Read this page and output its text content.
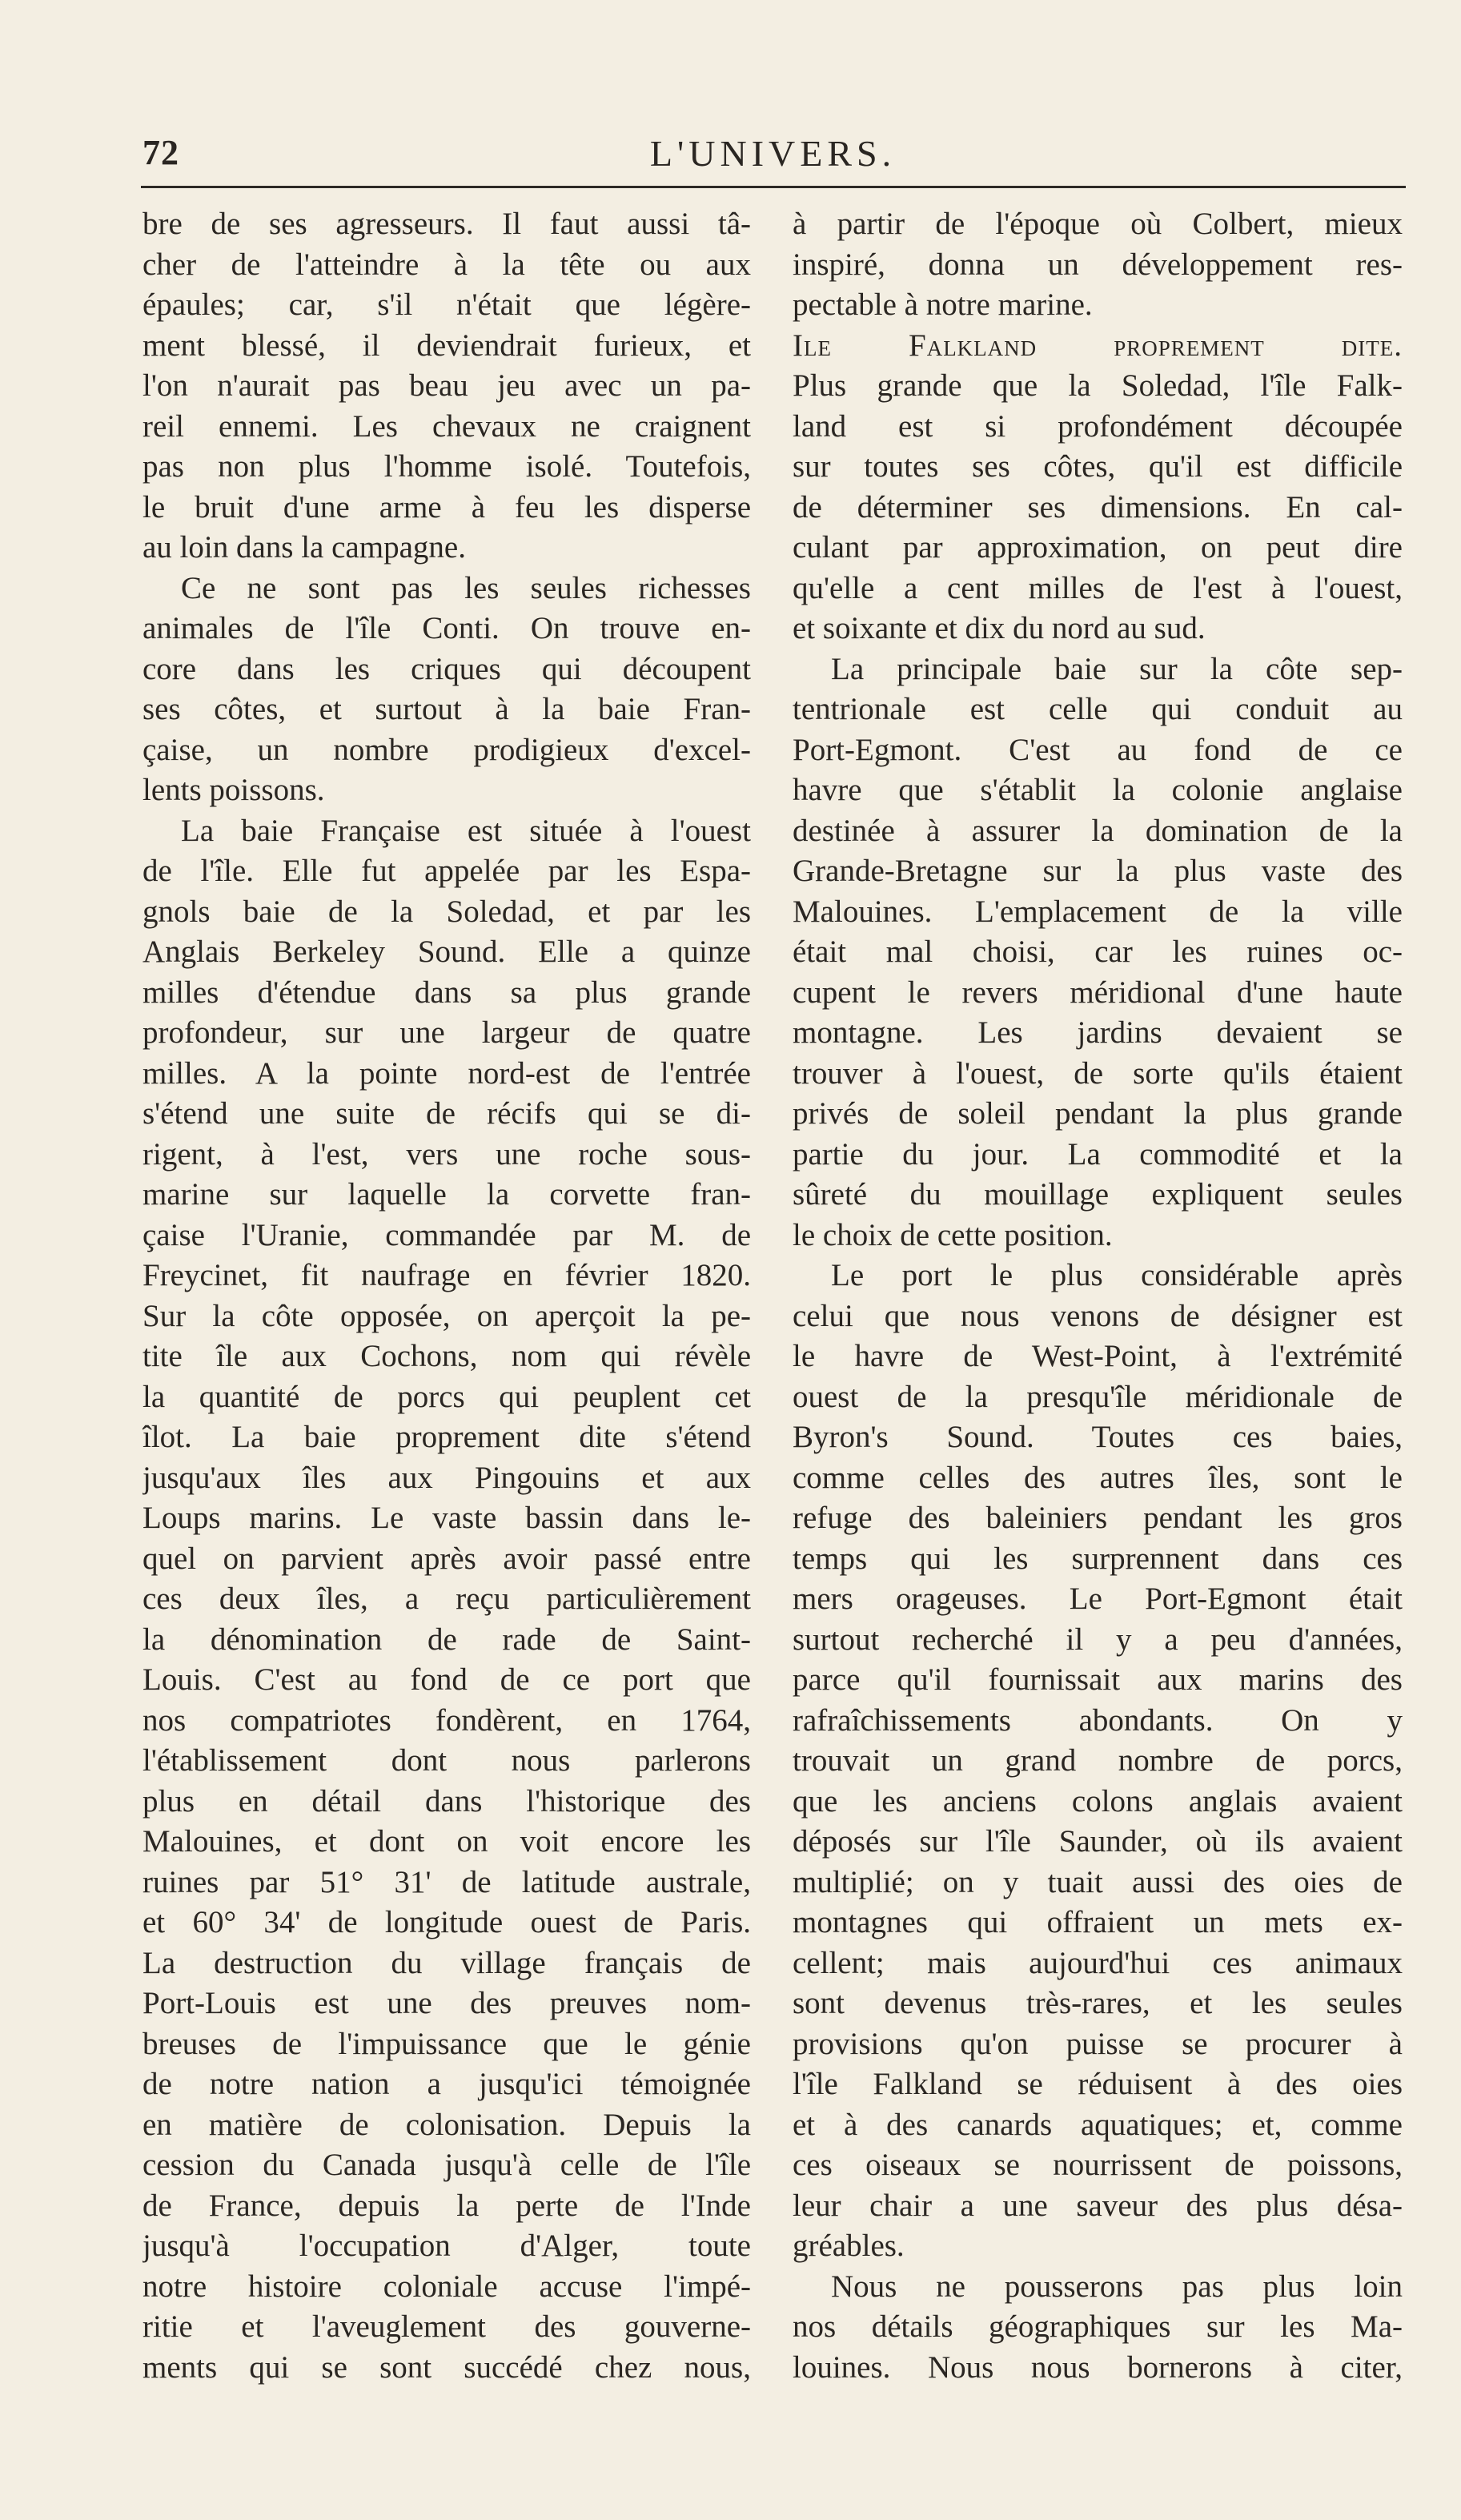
72	L'UNIVERS.
bre de ses agresseurs. Il faut aussi tâ-
cher de l'atteindre à la tête ou aux
épaules; car, s'il n'était que légère-
ment blessé, il deviendrait furieux, et
l'on n'aurait pas beau jeu avec un pa-
reil ennemi. Les chevaux ne craignent
pas non plus l'homme isolé. Toutefois,
le bruit d'une arme à feu les disperse
au loin dans la campagne.
Ce ne sont pas les seules richesses
animales de l'île Conti. On trouve en-
core dans les criques qui découpent
ses côtes, et surtout à la baie Fran-
çaise, un nombre prodigieux d'excel-
lents poissons.
La baie Française est située à l'ouest
de l'île. Elle fut appelée par les Espa-
gnols baie de la Soledad, et par les
Anglais Berkeley Sound. Elle a quinze
milles d'étendue dans sa plus grande
profondeur, sur une largeur de quatre
milles. A la pointe nord-est de l'entrée
s'étend une suite de récifs qui se di-
rigent, à l'est, vers une roche sous-
marine sur laquelle la corvette fran-
çaise l'Uranie, commandée par M. de
Freycinet, fit naufrage en février 1820.
Sur la côte opposée, on aperçoit la pe-
tite île aux Cochons, nom qui révèle
la quantité de porcs qui peuplent cet
îlot. La baie proprement dite s'étend
jusqu'aux îles aux Pingouins et aux
Loups marins. Le vaste bassin dans le-
quel on parvient après avoir passé entre
ces deux îles, a reçu particulièrement
la dénomination de rade de Saint-
Louis. C'est au fond de ce port que
nos compatriotes fondèrent, en 1764,
l'établissement dont nous parlerons
plus en détail dans l'historique des
Malouines, et dont on voit encore les
ruines par 51° 31' de latitude australe,
et 60° 34' de longitude ouest de Paris.
La destruction du village français de
Port-Louis est une des preuves nom-
breuses de l'impuissance que le génie
de notre nation a jusqu'ici témoignée
en matière de colonisation. Depuis la
cession du Canada jusqu'à celle de l'île
de France, depuis la perte de l'Inde
jusqu'à l'occupation d'Alger, toute
notre histoire coloniale accuse l'impé-
ritie et l'aveuglement des gouverne-
ments qui se sont succédé chez nous,
à partir de l'époque où Colbert, mieux
inspiré, donna un développement res-
pectable à notre marine.
Ile Falkland proprement dite.
Plus grande que la Soledad, l'île Falk-
land est si profondément découpée
sur toutes ses côtes, qu'il est difficile
de déterminer ses dimensions. En cal-
culant par approximation, on peut dire
qu'elle a cent milles de l'est à l'ouest,
et soixante et dix du nord au sud.
La principale baie sur la côte sep-
tentrionale est celle qui conduit au
Port-Egmont. C'est au fond de ce
havre que s'établit la colonie anglaise
destinée à assurer la domination de la
Grande-Bretagne sur la plus vaste des
Malouines. L'emplacement de la ville
était mal choisi, car les ruines oc-
cupent le revers méridional d'une haute
montagne. Les jardins devaient se
trouver à l'ouest, de sorte qu'ils étaient
privés de soleil pendant la plus grande
partie du jour. La commodité et la
sûreté du mouillage expliquent seules
le choix de cette position.
Le port le plus considérable après
celui que nous venons de désigner est
le havre de West-Point, à l'extrémité
ouest de la presqu'île méridionale de
Byron's Sound. Toutes ces baies,
comme celles des autres îles, sont le
refuge des baleiniers pendant les gros
temps qui les surprennent dans ces
mers orageuses. Le Port-Egmont était
surtout recherché il y a peu d'années,
parce qu'il fournissait aux marins des
rafraîchissements abondants. On y
trouvait un grand nombre de porcs,
que les anciens colons anglais avaient
déposés sur l'île Saunder, où ils avaient
multiplié; on y tuait aussi des oies de
montagnes qui offraient un mets ex-
cellent; mais aujourd'hui ces animaux
sont devenus très-rares, et les seules
provisions qu'on puisse se procurer à
l'île Falkland se réduisent à des oies
et à des canards aquatiques; et, comme
ces oiseaux se nourrissent de poissons,
leur chair a une saveur des plus désa-
gréables.
Nous ne pousserons pas plus loin
nos détails géographiques sur les Ma-
louines. Nous nous bornerons à citer,
